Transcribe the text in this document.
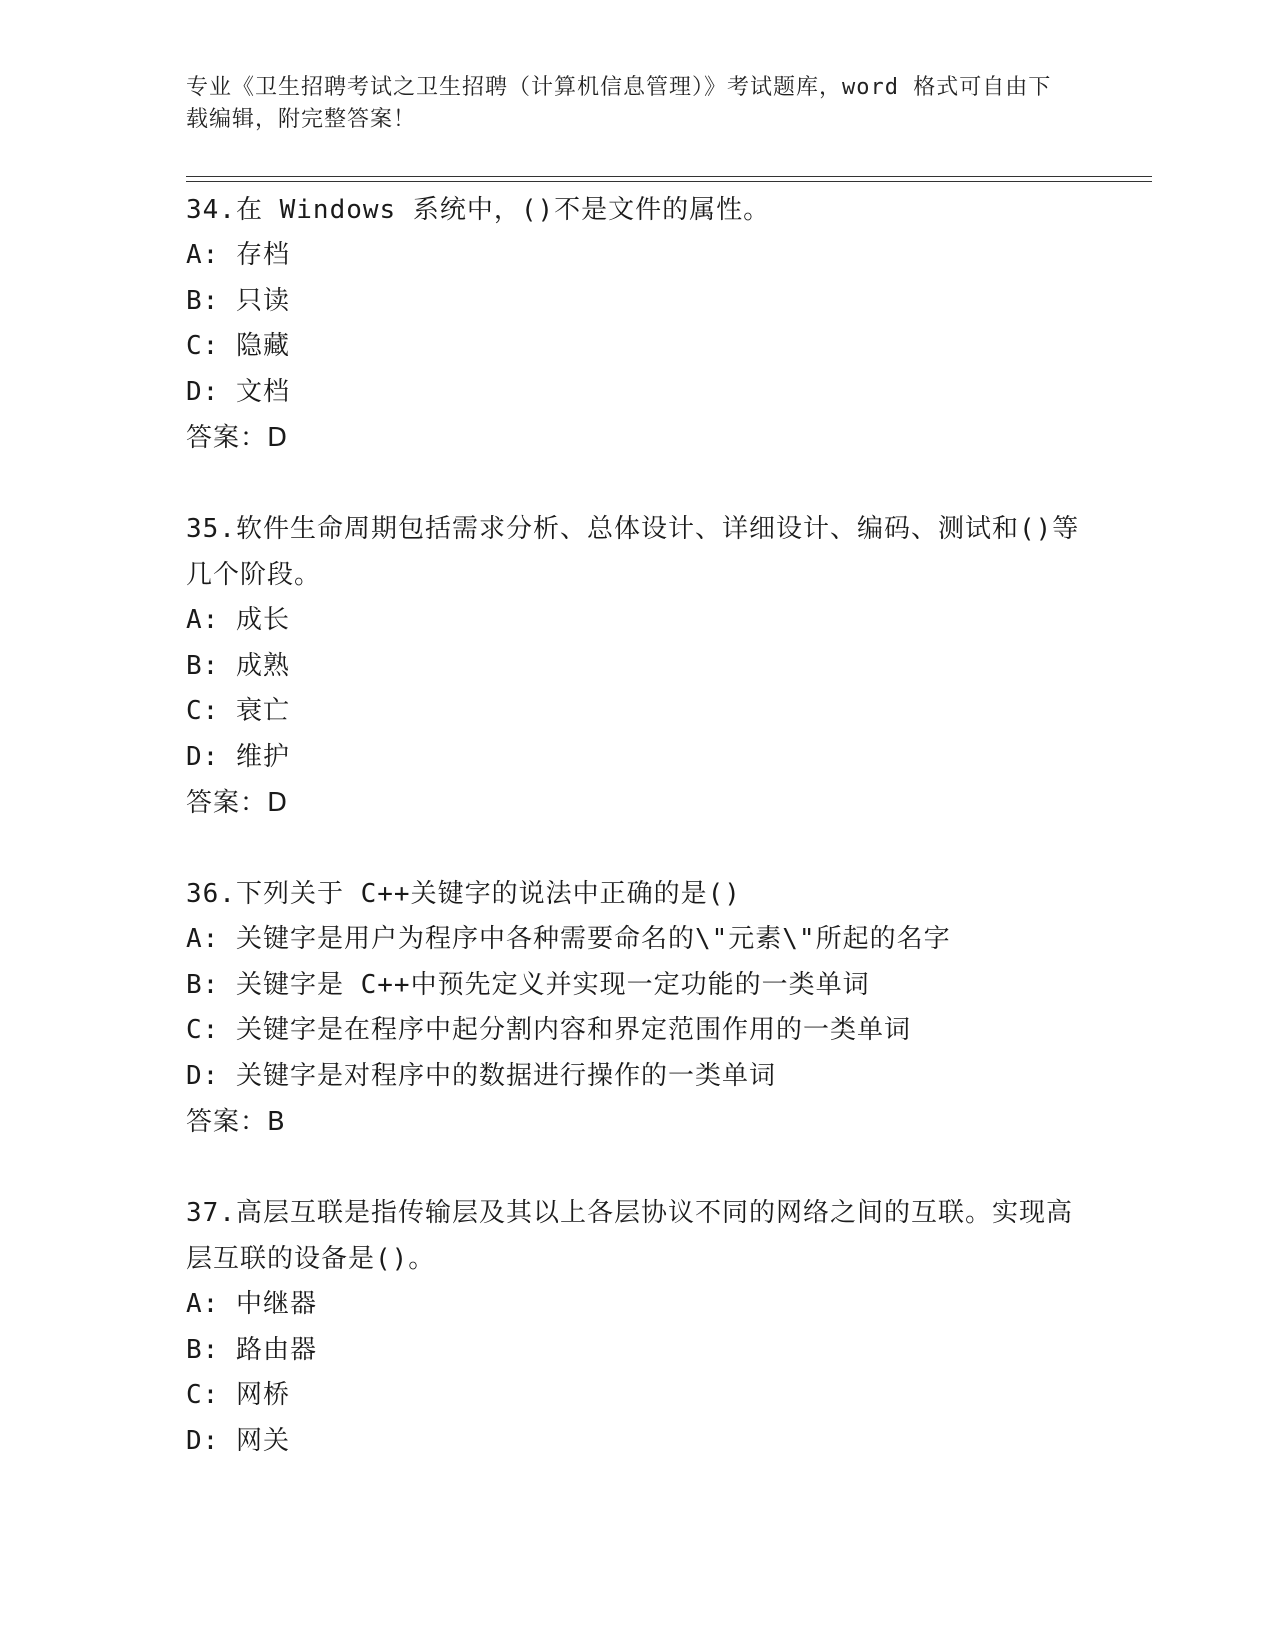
专业《卫生招聘考试之卫生招聘（计算机信息管理）》考试题库，word 格式可自由下载编辑，附完整答案！

34.在 Windows 系统中，()不是文件的属性。

A: 存档

B: 只读

C: 隐藏

D: 文档

答案：D

35.软件生命周期包括需求分析、总体设计、详细设计、编码、测试和()等几个阶段。

A: 成长

B: 成熟

C: 衰亡

D: 维护

答案：D

36.下列关于 C++关键字的说法中正确的是()

A: 关键字是用户为程序中各种需要命名的\"元素\"所起的名字

B: 关键字是 C++中预先定义并实现一定功能的一类单词

C: 关键字是在程序中起分割内容和界定范围作用的一类单词

D: 关键字是对程序中的数据进行操作的一类单词

答案：B

37.高层互联是指传输层及其以上各层协议不同的网络之间的互联。实现高层互联的设备是()。

A: 中继器

B: 路由器

C: 网桥

D: 网关
